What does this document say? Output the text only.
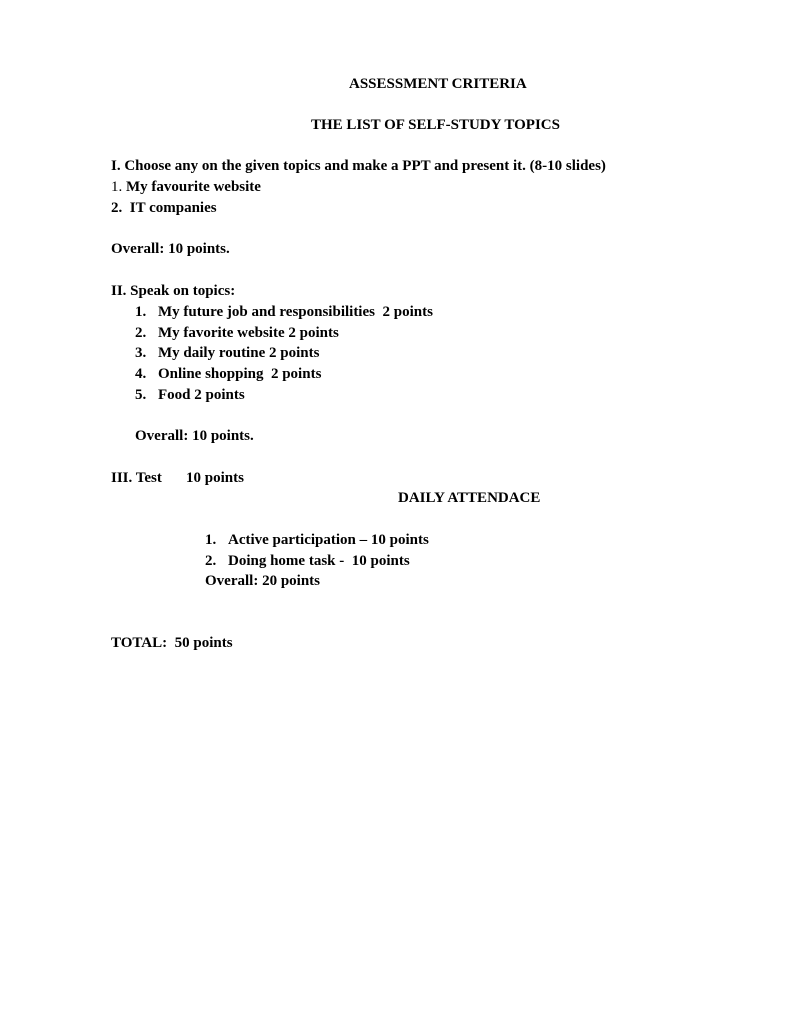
ASSESSMENT CRITERIA
THE LIST OF SELF-STUDY TOPICS
I. Choose any on the given topics and make a PPT and present it. (8-10 slides)
1. My favourite website
2. IT companies
Overall: 10 points.
II. Speak on topics:
1. My future job and responsibilities  2 points
2. My favorite website 2 points
3. My daily routine 2 points
4. Online shopping  2 points
5. Food 2 points
Overall: 10 points.
III. Test 10 points
DAILY ATTENDACE
1. Active participation – 10 points
2. Doing home task -  10 points
Overall: 20 points
TOTAL:  50 points
